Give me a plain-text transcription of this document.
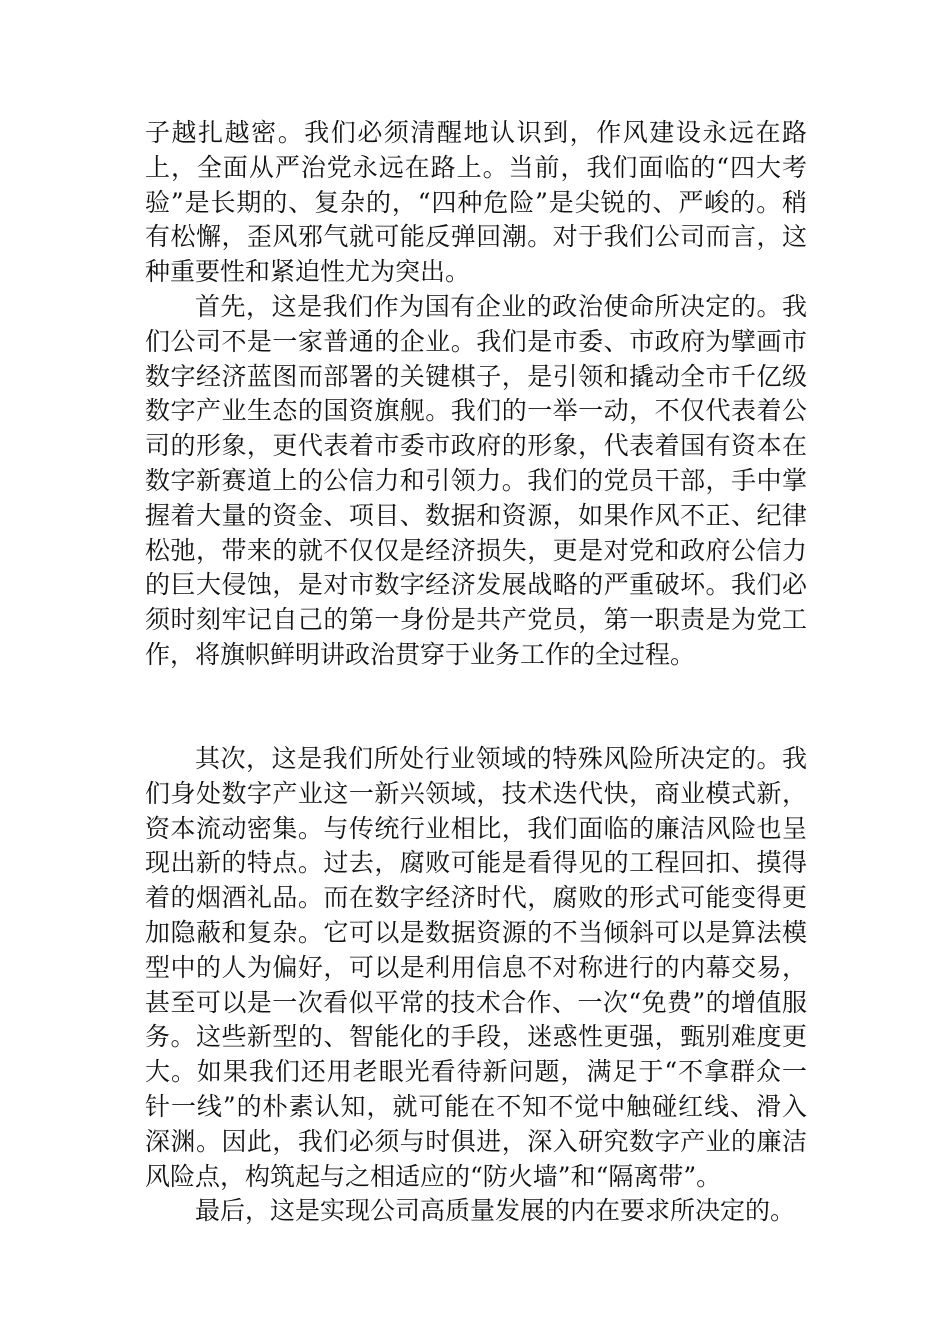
子越扎越密。我们必须清醒地认识到，作风建设永远在路上，全面从严治党永远在路上。当前，我们面临的“四大考验”是长期的、复杂的，“四种危险”是尖锐的、严峻的。稍有松懈，歪风邪气就可能反弹回潮。对于我们公司而言，这种重要性和紧迫性尤为突出。
首先，这是我们作为国有企业的政治使命所决定的。我们公司不是一家普通的企业。我们是市委、市政府为擘画市数字经济蓝图而部署的关键棋子，是引领和撬动全市千亿级数字产业生态的国资旗舰。我们的一举一动，不仅代表着公司的形象，更代表着市委市政府的形象，代表着国有资本在数字新赛道上的公信力和引领力。我们的党员干部，手中掌握着大量的资金、项目、数据和资源，如果作风不正、纪律松弛，带来的就不仅仅是经济损失，更是对党和政府公信力的巨大侵蚀，是对市数字经济发展战略的严重破坏。我们必须时刻牢记自己的第一身份是共产党员，第一职责是为党工作，将旗帜鲜明讲政治贯穿于业务工作的全过程。
其次，这是我们所处行业领域的特殊风险所决定的。我们身处数字产业这一新兴领域，技术迭代快，商业模式新，资本流动密集。与传统行业相比，我们面临的廉洁风险也呈现出新的特点。过去，腐败可能是看得见的工程回扣、摸得着的烟酒礼品。而在数字经济时代，腐败的形式可能变得更加隐蔽和复杂。它可以是数据资源的不当倾斜可以是算法模型中的人为偏好，可以是利用信息不对称进行的内幕交易，甚至可以是一次看似平常的技术合作、一次“免费”的增值服务。这些新型的、智能化的手段，迷惑性更强，甄别难度更大。如果我们还用老眼光看待新问题，满足于“不拿群众一针一线”的朴素认知，就可能在不知不觉中触碰红线、滑入深渊。因此，我们必须与时俱进，深入研究数字产业的廉洁风险点，构筑起与之相适应的“防火墙”和“隔离带”。
最后，这是实现公司高质量发展的内在要求所决定的。
